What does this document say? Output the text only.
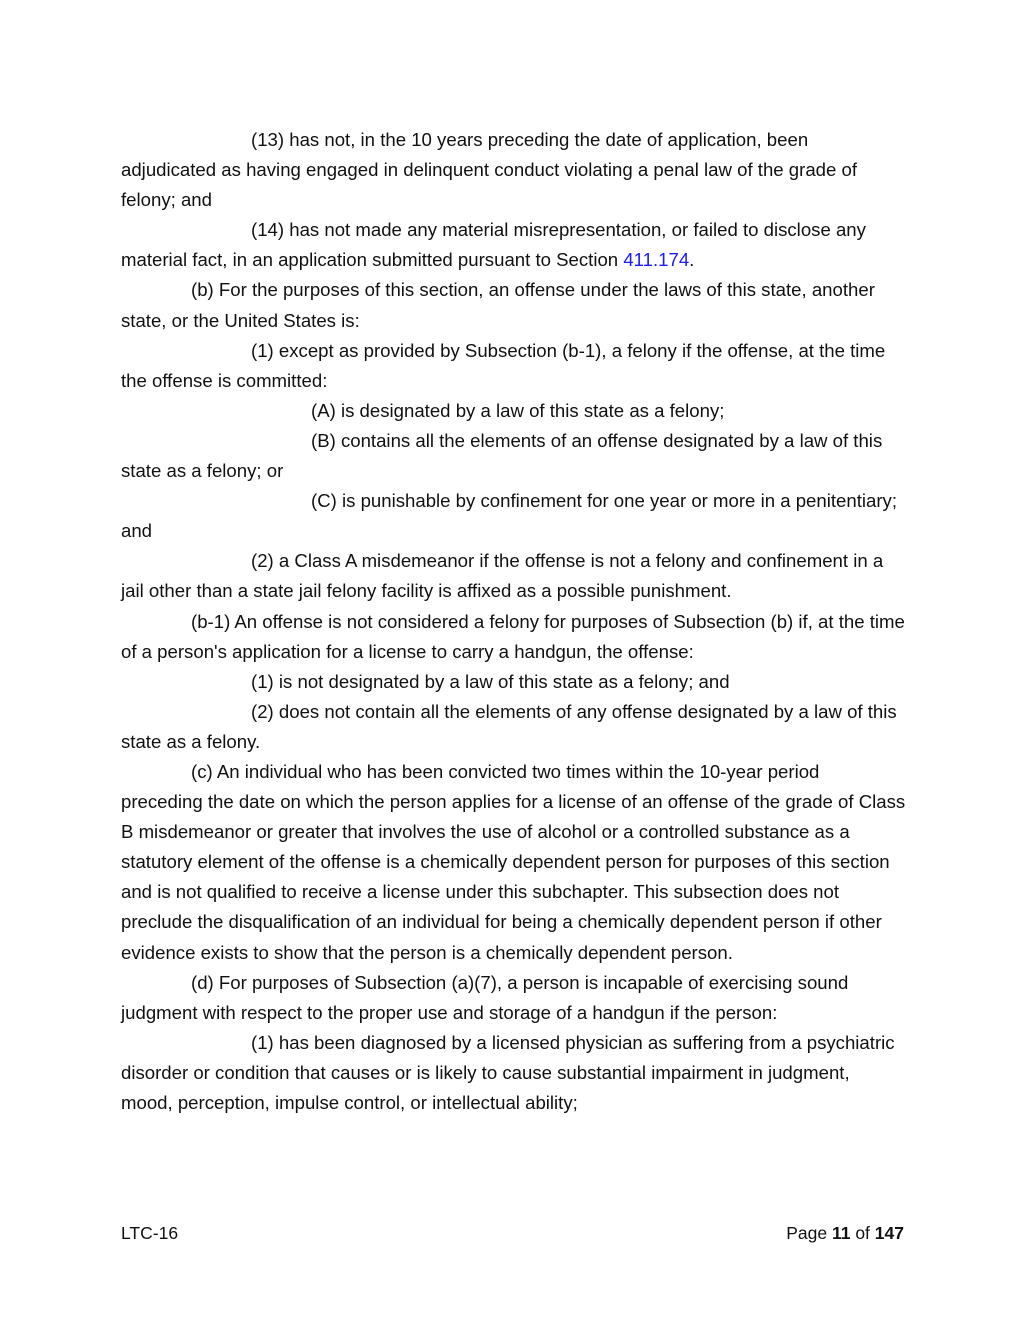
(13) has not, in the 10 years preceding the date of application, been adjudicated as having engaged in delinquent conduct violating a penal law of the grade of felony; and

(14) has not made any material misrepresentation, or failed to disclose any material fact, in an application submitted pursuant to Section 411.174.

(b) For the purposes of this section, an offense under the laws of this state, another state, or the United States is:

(1) except as provided by Subsection (b-1), a felony if the offense, at the time the offense is committed:

(A) is designated by a law of this state as a felony;

(B) contains all the elements of an offense designated by a law of this state as a felony; or

(C) is punishable by confinement for one year or more in a penitentiary; and

(2) a Class A misdemeanor if the offense is not a felony and confinement in a jail other than a state jail felony facility is affixed as a possible punishment.

(b-1) An offense is not considered a felony for purposes of Subsection (b) if, at the time of a person's application for a license to carry a handgun, the offense:

(1) is not designated by a law of this state as a felony; and

(2) does not contain all the elements of any offense designated by a law of this state as a felony.

(c) An individual who has been convicted two times within the 10-year period preceding the date on which the person applies for a license of an offense of the grade of Class B misdemeanor or greater that involves the use of alcohol or a controlled substance as a statutory element of the offense is a chemically dependent person for purposes of this section and is not qualified to receive a license under this subchapter. This subsection does not preclude the disqualification of an individual for being a chemically dependent person if other evidence exists to show that the person is a chemically dependent person.

(d) For purposes of Subsection (a)(7), a person is incapable of exercising sound judgment with respect to the proper use and storage of a handgun if the person:

(1) has been diagnosed by a licensed physician as suffering from a psychiatric disorder or condition that causes or is likely to cause substantial impairment in judgment, mood, perception, impulse control, or intellectual ability;

LTC-16	Page 11 of 147
